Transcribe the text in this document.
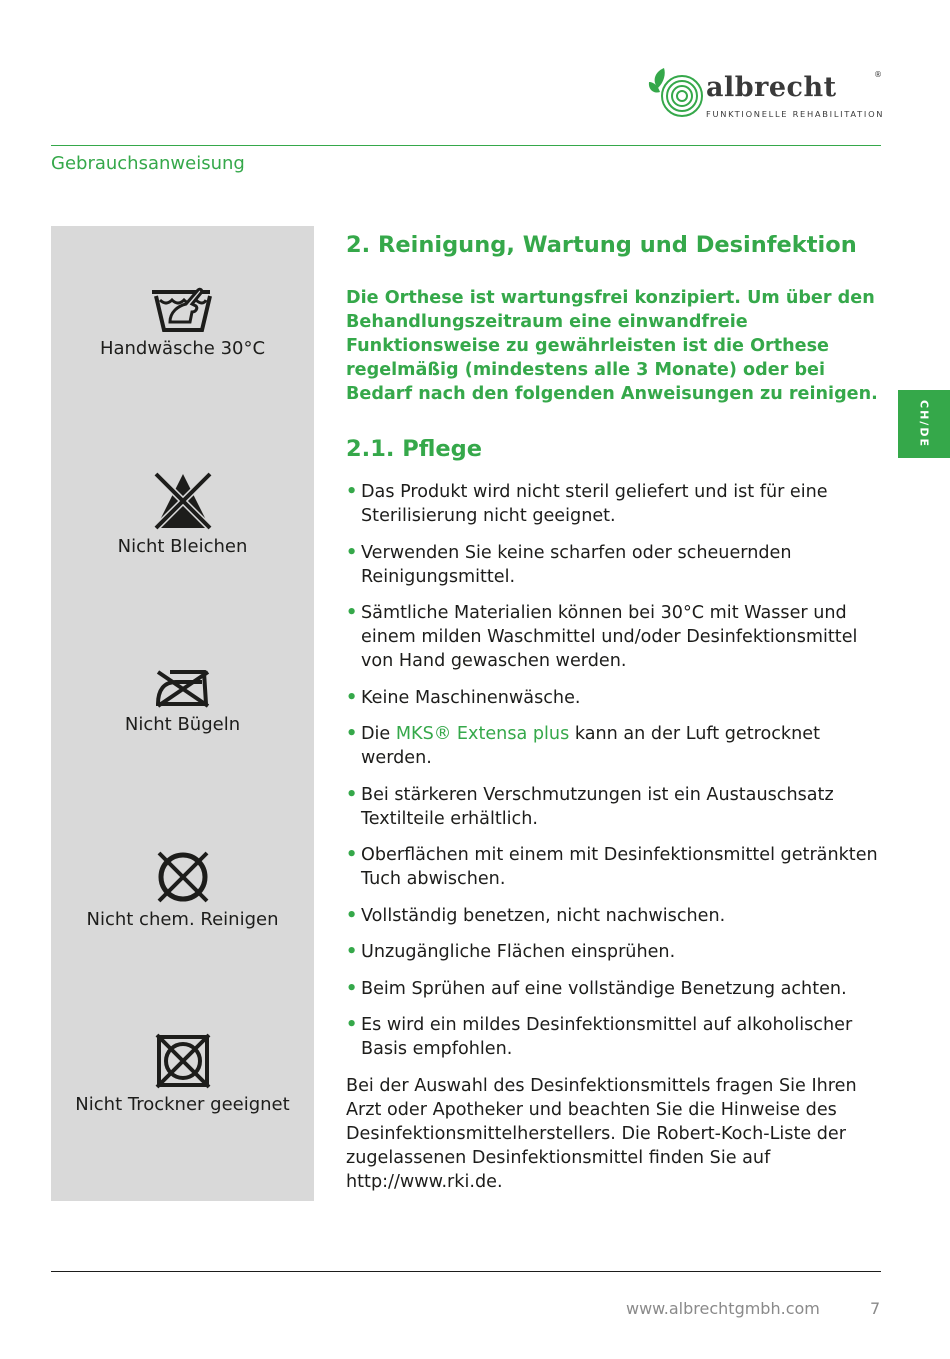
albrecht	®
FUNKTIONELLE REHABILITATION
Gebrauchsanweisung
CH/DE
Handwäsche 30°C
Nicht Bleichen
Nicht Bügeln
Nicht chem. Reinigen
Nicht Trockner geeignet
2. Reinigung, Wartung und Desinfektion

Die Orthese ist wartungsfrei konzipiert. Um über den Behandlungszeitraum eine einwandfreie Funktionsweise zu gewährleisten ist die Orthese regelmäßig (mindestens alle 3 Monate) oder bei Bedarf nach den folgenden Anweisungen zu reinigen.

2.1. Pflege
• Das Produkt wird nicht steril geliefert und ist für eine Sterilisierung nicht geeignet.
• Verwenden Sie keine scharfen oder scheuernden Reinigungsmittel.
• Sämtliche Materialien können bei 30°C mit Wasser und einem milden Waschmittel und/oder Desinfektionsmittel von Hand gewaschen werden.
• Keine Maschinenwäsche.
• Die MKS® Extensa plus kann an der Luft getrocknet werden.
• Bei stärkeren Verschmutzungen ist ein Austauschsatz Textilteile erhältlich.
• Oberflächen mit einem mit Desinfektionsmittel getränkten Tuch abwischen.
• Vollständig benetzen, nicht nachwischen.
• Unzugängliche Flächen einsprühen.
• Beim Sprühen auf eine vollständige Benetzung achten.
• Es wird ein mildes Desinfektionsmittel auf alkoholischer Basis empfohlen.

Bei der Auswahl des Desinfektionsmittels fragen Sie Ihren Arzt oder Apotheker und beachten Sie die Hinweise des Desinfektionsmittelherstellers. Die Robert-Koch-Liste der zugelassenen Desinfektionsmittel finden Sie auf http://www.rki.de.

www.albrechtgmbh.com	7
